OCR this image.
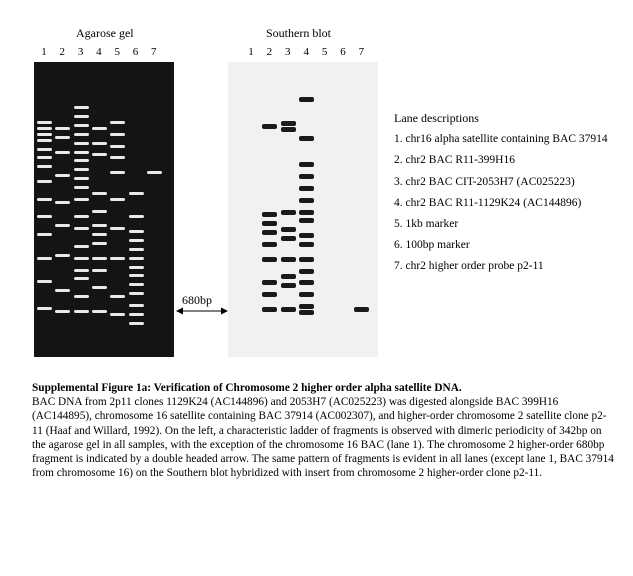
Agarose gel
1 2 3 4 5 6 7
Southern blot
1 2 3 4 5 6 7
680bp
Lane descriptions
1. chr16 alpha satellite containing BAC 37914
2. chr2 BAC R11-399H16
3. chr2 BAC CIT-2053H7 (AC025223)
4. chr2 BAC R11-1129K24 (AC144896)
5. 1kb marker
6. 100bp marker
7. chr2 higher order probe p2-11

Supplemental Figure 1a: Verification of Chromosome 2 higher order alpha satellite DNA.

BAC DNA from 2p11 clones 1129K24 (AC144896) and 2053H7 (AC025223) was digested alongside BAC 399H16 (AC144895), chromosome 16 satellite containing BAC 37914 (AC002307), and higher-order chromosome 2 satellite clone p2-11 (Haaf and Willard, 1992). On the left, a characteristic ladder of fragments is observed with dimeric periodicity of 342bp on the agarose gel in all samples, with the exception of the chromosome 16 BAC (lane 1). The chromosome 2 higher-order 680bp fragment is indicated by a double headed arrow. The same pattern of fragments is evident in all lanes (except lane 1, BAC 37914 from chromosome 16) on the Southern blot hybridized with insert from chromosome 2 higher-order clone p2-11.
